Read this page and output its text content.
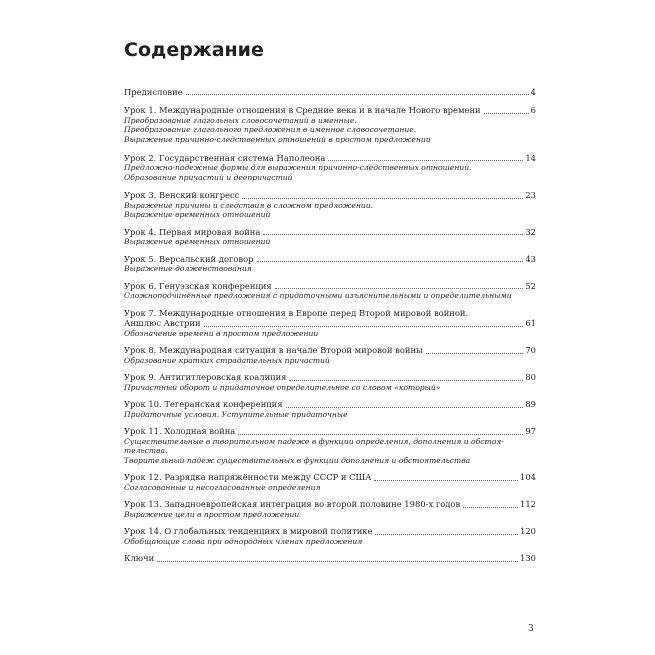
Содержание
Предисловие	4
Урок 1. Международные отношения в Средние века и в начале Нового времени	6
Преобразование глагольных словосочетаний в именные.
Преобразование глагольного предложения в именное словосочетание.
Выражение причинно-следственных отношений в простом предложении
Урок 2. Государственная система Наполеона	14
Предложно-падежные формы для выражения причинно-следственных отношений.
Образование причастий и деепричастий
Урок 3. Венский конгресс	23
Выражение причины и следствия в сложном предложении.
Выражение временных отношений
Урок 4. Первая мировая война	32
Выражение временных отношений
Урок 5. Версальский договор	43
Выражение долженствования
Урок 6. Генуэзская конференция	52
Сложноподчинённые предложения с придаточными изъяснительными и определительными
Урок 7. Международные отношения в Европе перед Второй мировой войной.
Аншлюс Австрии	61
Обозначение времени в простом предложении
Урок 8. Международная ситуация в начале Второй мировой войны	70
Образование кратких страдательных причастий
Урок 9. Антигитлеровская коалиция	80
Причастный оборот и придаточное определительное со словом «который»
Урок 10. Тегеранская конференция	89
Придаточные условия. Уступительные придаточные
Урок 11. Холодная война	97
Существительные в творительном падеже в функции определения, дополнения и обстоя-
тельства.
Творительный падеж существительных в функции дополнения и обстоятельства
Урок 12. Разрядка напряжённости между СССР и США	104
Согласованные и несогласованные определения
Урок 13. Западноевропейская интеграция во второй половине 1980-х годов	112
Выражение цели в простом предложении
Урок 14. О глобальных тенденциях в мировой политике	120
Обобщающие слова при однородных членах предложения
Ключи	130
3
